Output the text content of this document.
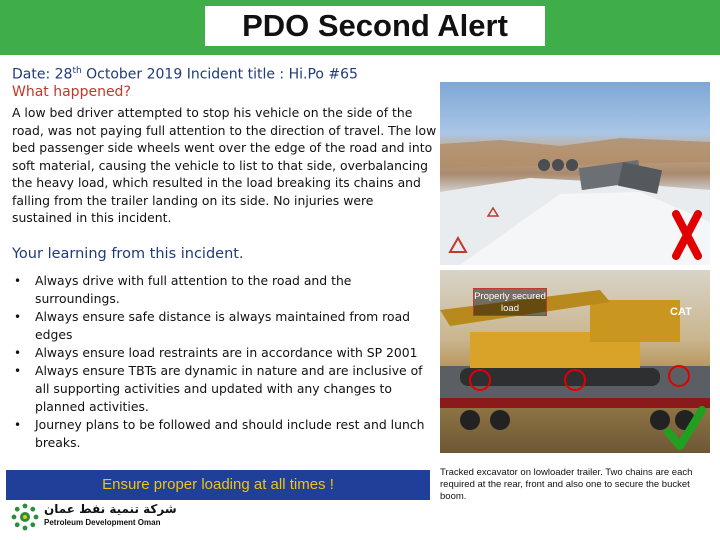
PDO Second Alert
Date: 28th October 2019 Incident title : Hi.Po #65
What happened?
A low bed driver attempted to stop his vehicle on the side of the road, was not paying full attention to the direction of travel. The low bed passenger side wheels went over the edge of the road and into soft material, causing the vehicle to list to that side, overbalancing the heavy load, which resulted in the load breaking its chains and falling from the trailer landing on its side. No injuries were sustained in this incident.
Your learning from this incident.
• Always drive with full attention to the road and the surroundings.
• Always ensure safe distance is always maintained from road edges
• Always ensure load restraints are in accordance with SP 2001
• Always ensure TBTs are dynamic in nature and are inclusive of all supporting activities and updated with any changes to planned activities.
• Journey plans to be followed and should include rest and lunch breaks.
Ensure proper loading at all times !
شركة تنمية نفط عمان
Petroleum Development Oman
CAT
Properly secured load
Tracked excavator on lowloader trailer. Two chains are each required at the rear, front and also one to secure the bucket boom.
